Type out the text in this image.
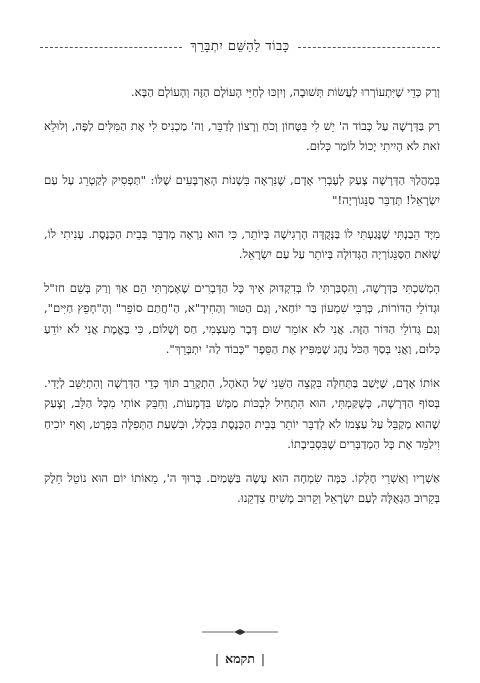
כָּבוֹד לַהַשֵּׁם יִתְבָּרֵךְ

וְרַק כְּדֵי שֶׁיִּתְעוֹרְרוּ לַעֲשׂוֹת תְּשׁוּבָה, וְיִזְכּוּ לְחַיֵּי הָעוֹלָם הַזֶּה וְהָעוֹלָם הַבָּא.

רַק בַּדְּרָשָׁה עַל כְּבוֹד ה' יֵשׁ לִי בִּטָּחוֹן וְכֹחַ וְרָצוֹן לְדַבֵּר, וַה' מַכְנִיס לִי אֶת הַמִּלִּים לַפֶּה, וְלוּלֵא זֹאת לֹא הָיִיתִי יָכוֹל לוֹמַר כְּלוּם.

בְּמַהֲלַךְ הַדְּרָשָׁה צָעַק לְעֶבְרִי אָדָם, שֶׁנִּרְאָה בִּשְׁנוֹת הָאַרְבָּעִים שֶׁלּוֹ: "תַּפְסִיק לְקַטְרֵג עַל עַם יִשְׂרָאֵל! תְּדַבֵּר סַנֵּגוֹרְיָה!"

מִיָּד הֵבַנְתִּי שֶׁנָּגַעְתִּי לוֹ בַּנְּקֻדָּה הָרְגִישָׁה בְּיוֹתֵר, כִּי הוּא נִרְאָה מְדַבֵּר בְּבֵית הַכְּנֶסֶת. עָנִיתִי לוֹ, שֶׁזֹּאת הַסַּנֵּגוֹרְיָה הַגְּדוֹלָה בְּיוֹתֵר עַל עַם יִשְׂרָאֵל.

הִמְשַׁכְתִּי בַּדְּרָשָׁה, וְהִסְבַּרְתִּי לוֹ בְּדִקְדּוּק אֵיךְ כָּל הַדְּבָרִים שֶׁאָמַרְתִּי הֵם אַךְ וְרַק בְּשֵׁם חז"ל וּגְדוֹלֵי הַדּוֹרוֹת, כְּרַבִּי שִׁמְעוֹן בַּר יוֹחַאי, וְגַם הַטּוּר וְהַחִידָ"א, הַ"חֲתַם סוֹפֵר" וְהֶ"חָפֵץ חַיִּים", וְגַם גְּדוֹלֵי הַדּוֹר הַזֶּה. אֲנִי לֹא אוֹמֵר שׁוּם דָּבָר מֵעַצְמִי, חַס וְשָׁלוֹם, כִּי בֶּאֱמֶת אֲנִי לֹא יוֹדֵעַ כְּלוּם, וַאֲנִי בְּסַךְ הַכֹּל נַהָג שֶׁמַּפִּיץ אֶת הַסֵּפֶר "כָּבוֹד לַה' יִתְבָּרֵךְ".

אוֹתוֹ אָדָם, שֶׁיָּשַׁב בַּתְּחִלָּה בִּקְצֵה הַשֵּׁנִי שֶׁל הָאֹהֶל, הִתְקָרֵב תּוֹךְ כְּדֵי הַדְּרָשָׁה וְהִתְיַשֵּׁב לְיָדִי. בְּסוֹף הַדְּרָשָׁה, כְּשֶׁקַּמְתִּי, הוּא הִתְחִיל לִבְכּוֹת מַמָּשׁ בִּדְמָעוֹת, וְחִבֵּק אוֹתִי מִכָּל הַלֵּב, וְצָעַק שֶׁהוּא מְקַבֵּל עַל עַצְמוֹ לֹא לְדַבֵּר יוֹתֵר בְּבֵית הַכְּנֶסֶת בִּכְלָל, וּבִשְׁעַת הַתְּפִלָּה בִּפְרָט, וְאַף יוֹכִיחַ וִילַמֵּד אֶת כָּל הַמְדַבְּרִים שֶׁבִּסְבִיבָתוֹ.

אַשְׁרָיו וְאַשְׁרֵי חֶלְקוֹ. כַּמָּה שִׂמְחָה הוּא עָשָׂה בַּשָּׁמַיִם. בָּרוּךְ ה', מֵאוֹתוֹ יוֹם הוּא נוֹטֵל חֵלֶק בְּקֵרוּב הַגְּאֻלָּה לְעַם יִשְׂרָאֵל וְקֵרוּב מָשִׁיחַ צִדְקֵנוּ.

|תקמא|
